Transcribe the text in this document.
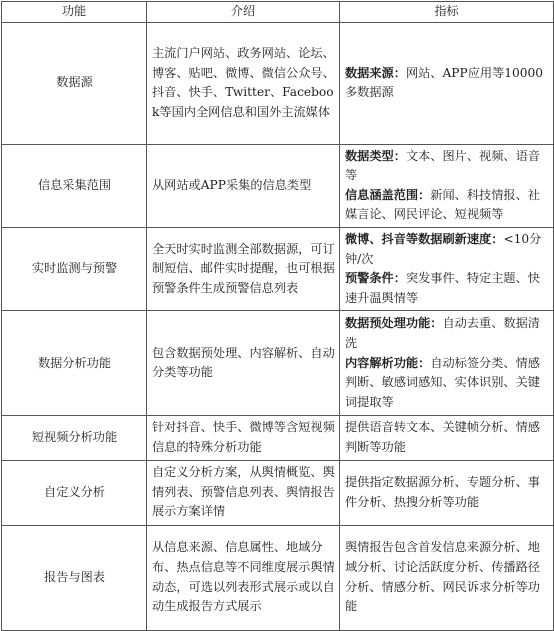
功能	介绍	指标
数据源	主流门户网站、政务网站、论坛、博客、贴吧、微博、微信公众号、抖音、快手、Twitter、Facebook等国内全网信息和国外主流媒体	数据来源：网站、APP应用等10000多数据源

信息采集范围	从网站或APP采集的信息类型	数据类型：文本、图片、视频、语音等
信息涵盖范围：新闻、科技情报、社媒言论、网民评论、短视频等

实时监测与预警	全天时实时监测全部数据源，可订制短信、邮件实时提醒，也可根据预警条件生成预警信息列表	微博、抖音等数据刷新速度：<10分钟/次
预警条件：突发事件、特定主题、快速升温舆情等

数据分析功能	包含数据预处理、内容解析、自动分类等功能	数据预处理功能：自动去重、数据清洗
内容解析功能：自动标签分类、情感判断、敏感词感知、实体识别、关键词提取等

短视频分析功能	针对抖音、快手、微博等含短视频信息的特殊分析功能	提供语音转文本、关键帧分析、情感判断等功能

自定义分析	自定义分析方案，从舆情概览、舆情列表、预警信息列表、舆情报告展示方案详情	提供指定数据源分析、专题分析、事件分析、热搜分析等功能

报告与图表	从信息来源、信息属性、地域分布、热点信息等不同维度展示舆情动态，可选以列表形式展示或以自动生成报告方式展示	舆情报告包含首发信息来源分析、地域分析、讨论活跃度分析、传播路径分析、情感分析、网民诉求分析等功能
